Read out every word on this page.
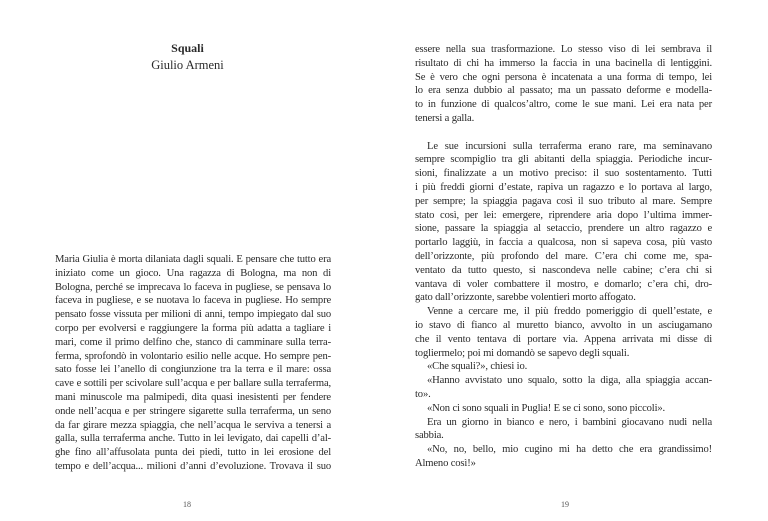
Squali
Giulio Armeni
Maria Giulia è morta dilaniata dagli squali. E pensare che tutto era
iniziato come un gioco. Una ragazza di Bologna, ma non di
Bologna, perché se imprecava lo faceva in pugliese, se pensava lo
faceva in pugliese, e se nuotava lo faceva in pugliese. Ho sempre
pensato fosse vissuta per milioni di anni, tempo impiegato dal suo
corpo per evolversi e raggiungere la forma più adatta a tagliare i
mari, come il primo delfino che, stanco di camminare sulla terra-
ferma, sprofondò in volontario esilio nelle acque. Ho sempre pen-
sato fosse lei l’anello di congiunzione tra la terra e il mare: ossa
cave e sottili per scivolare sull’acqua e per ballare sulla terraferma,
mani minuscole ma palmipedi, dita quasi inesistenti per fendere
onde nell’acqua e per stringere sigarette sulla terraferma, un seno
da far girare mezza spiaggia, che nell’acqua le serviva a tenersi a
galla, sulla terraferma anche. Tutto in lei levigato, dai capelli d’al-
ghe fino all’affusolata punta dei piedi, tutto in lei erosione del
tempo e dell’acqua... milioni d’anni d’evoluzione. Trovava il suo
18
essere nella sua trasformazione. Lo stesso viso di lei sembrava il
risultato di chi ha immerso la faccia in una bacinella di lentiggini.
Se è vero che ogni persona è incatenata a una forma di tempo, lei
lo era senza dubbio al passato; ma un passato deforme e modella-
to in funzione di qualcos’altro, come le sue mani. Lei era nata per
tenersi a galla.
Le sue incursioni sulla terraferma erano rare, ma seminavano
sempre scompiglio tra gli abitanti della spiaggia. Periodiche incur-
sioni, finalizzate a un motivo preciso: il suo sostentamento. Tutti
i più freddi giorni d’estate, rapiva un ragazzo e lo portava al largo,
per sempre; la spiaggia pagava così il suo tributo al mare. Sempre
stato così, per lei: emergere, riprendere aria dopo l’ultima immer-
sione, passare la spiaggia al setaccio, prendere un altro ragazzo e
portarlo laggiù, in faccia a qualcosa, non si sapeva cosa, più vasto
dell’orizzonte, più profondo del mare. C’era chi come me, spa-
ventato da tutto questo, si nascondeva nelle cabine; c’era chi si
vantava di voler combattere il mostro, e domarlo; c’era chi, dro-
gato dall’orizzonte, sarebbe volentieri morto affogato.
Venne a cercare me, il più freddo pomeriggio di quell’estate, e
io stavo di fianco al muretto bianco, avvolto in un asciugamano
che il vento tentava di portare via. Appena arrivata mi disse di
togliermelo; poi mi domandò se sapevo degli squali.
«Che squali?», chiesi io.
«Hanno avvistato uno squalo, sotto la diga, alla spiaggia accan-
to».
«Non ci sono squali in Puglia! E se ci sono, sono piccoli».
Era un giorno in bianco e nero, i bambini giocavano nudi nella
sabbia.
«No, no, bello, mio cugino mi ha detto che era grandissimo!
Almeno così!»
19
